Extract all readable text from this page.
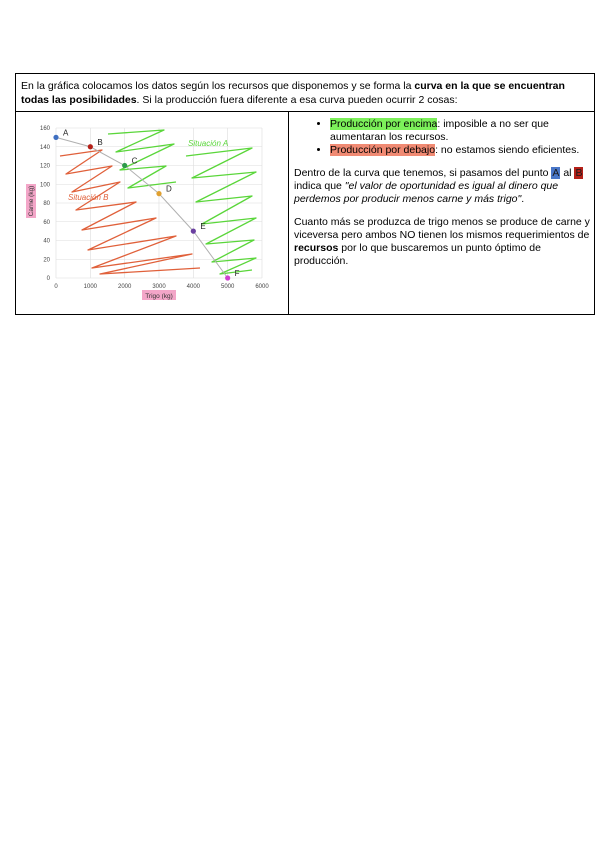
En la gráfica colocamos los datos según los recursos que disponemos y se forma la curva en la que se encuentran todas las posibilidades. Si la producción fuera diferente a esa curva pueden ocurrir 2 cosas:
0
20
40
60
80
100
120
140
160
0	1000	2000	3000	4000	5000	6000
Situación A
Situación B
A
B
C
D
E
F
Trigo (kg)
Carne (kg)
• Producción por encima: imposible a no ser que aumentaran los recursos.
• Producción por debajo: no estamos siendo eficientes.

Dentro de la curva que tenemos, si pasamos del punto A al B indica que "el valor de oportunidad es igual al dinero que perdemos por producir menos carne y más trigo".

Cuanto más se produzca de trigo menos se produce de carne y viceversa pero ambos NO tienen los mismos requerimientos de recursos por lo que buscaremos un punto óptimo de producción.
